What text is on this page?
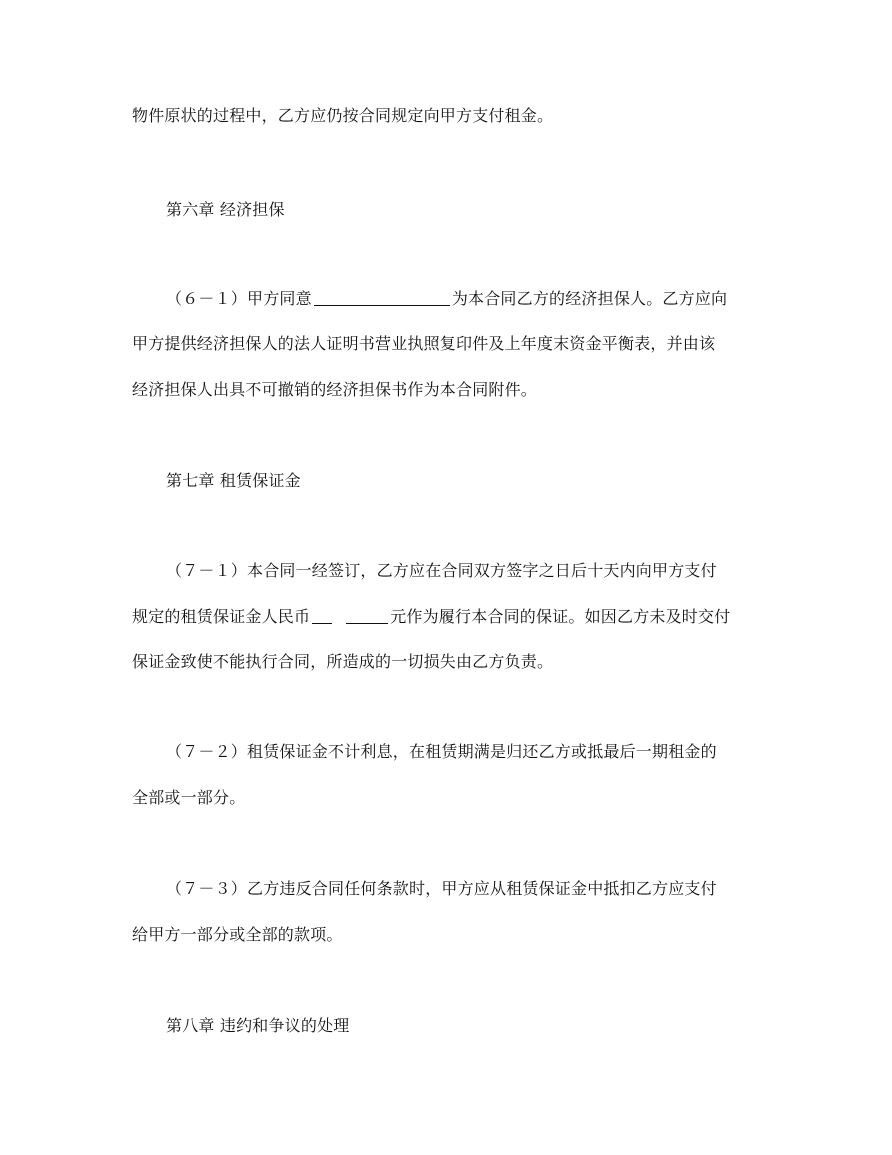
物件原状的过程中，乙方应仍按合同规定向甲方支付租金。
第六章 经济担保
（６－１）甲方同意	为本合同乙方的经济担保人。乙方应向
甲方提供经济担保人的法人证明书营业执照复印件及上年度末资金平衡表，并由该
经济担保人出具不可撤销的经济担保书作为本合同附件。
第七章 租赁保证金
（７－１）本合同一经签订，乙方应在合同双方签字之日后十天内向甲方支付
规定的租赁保证金人民币	元作为履行本合同的保证。如因乙方未及时交付
保证金致使不能执行合同，所造成的一切损失由乙方负责。
（７－２）租赁保证金不计利息，在租赁期满是归还乙方或抵最后一期租金的
全部或一部分。
（７－３）乙方违反合同任何条款时，甲方应从租赁保证金中抵扣乙方应支付
给甲方一部分或全部的款项。
第八章 违约和争议的处理
